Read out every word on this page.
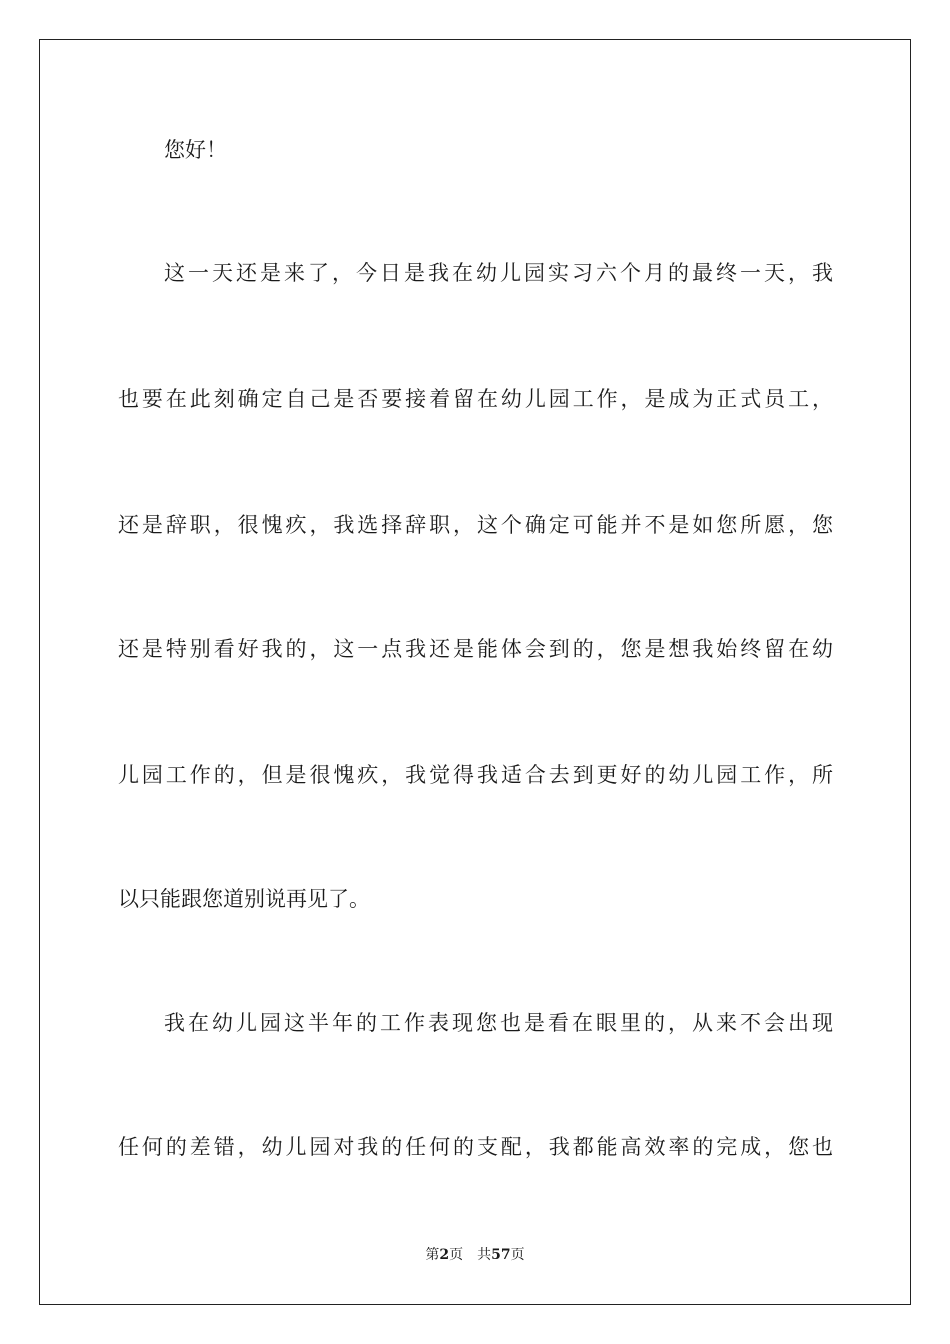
您好！
这一天还是来了，今日是我在幼儿园实习六个月的最终一天，我
也要在此刻确定自己是否要接着留在幼儿园工作，是成为正式员工，
还是辞职，很愧疚，我选择辞职，这个确定可能并不是如您所愿，您
还是特别看好我的，这一点我还是能体会到的，您是想我始终留在幼
儿园工作的，但是很愧疚，我觉得我适合去到更好的幼儿园工作，所
以只能跟您道别说再见了。
我在幼儿园这半年的工作表现您也是看在眼里的，从来不会出现
任何的差错，幼儿园对我的任何的支配，我都能高效率的完成，您也
第2页 共57页
